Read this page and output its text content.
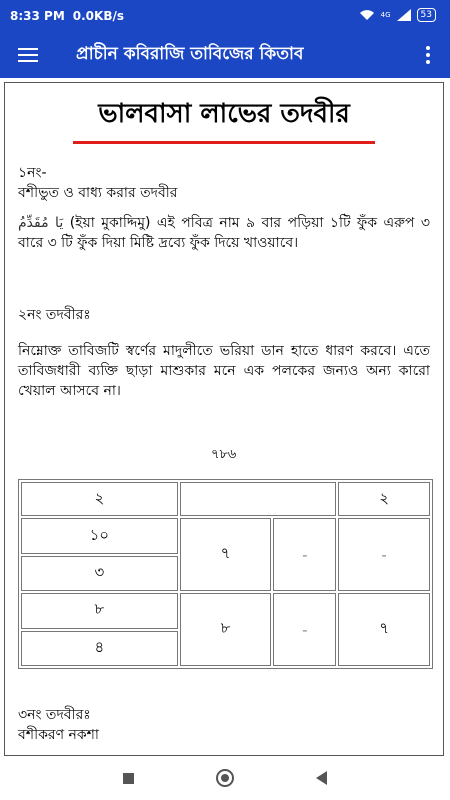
8:33 PM 0.0KB/s	4G	53
প্রাচীন কবিরাজি তাবিজের কিতাব
ভালবাসা লাভের তদবীর
১নং-
বশীভুত ও বাধ্য করার তদবীর
يَا مُقَدِّمُ (ইয়া মুকাদ্দিমু) এই পবিত্র নাম ৯ বার পড়িয়া ১টি ফুঁক এরুপ ৩ বারে ৩ টি ফুঁক দিয়া মিষ্টি দ্রব্যে ফুঁক দিয়ে খাওয়াবে।
২নং তদবীরঃ
নিম্নোক্ত তাবিজটি স্বর্ণের মাদুলীতে ভরিয়া ডান হাতে ধারণ করবে। এতে তাবিজধারী ব্যক্তি ছাড়া মাশুকার মনে এক পলকের জন্যও অন্য কারো খেয়াল আসবে না।
৭৮৬
২			২
১০	৭	-	-
৩			
৮	৮	-	৭
৪			
৩নং তদবীরঃ
বশীকরণ নকশা
